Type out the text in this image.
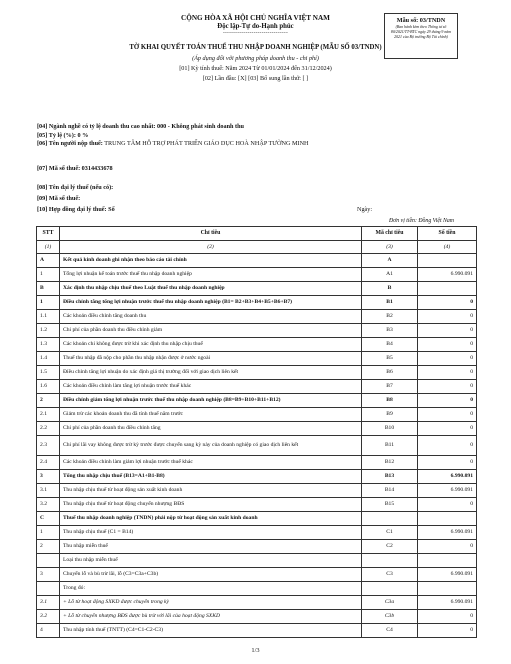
CỘNG HÒA XÃ HỘI CHỦ NGHĨA VIỆT NAM
Độc lập-Tự do-Hạnh phúc
--------------------------------
Mẫu số: 03/TNDN
(Ban hành kèm theo Thông tư số 80/2021/TT-BTC ngày 29 tháng 9 năm 2021 của Bộ trưởng Bộ Tài chính)
TỜ KHAI QUYẾT TOÁN THUẾ THU NHẬP DOANH NGHIỆP (MẪU SỐ 03/TNDN)
(Áp dụng đối với phương pháp doanh thu - chi phí)
[01] Kỳ tính thuế: Năm 2024 Từ 01/01/2024 đến 31/12/2024)
[02] Lần đầu: [X] [03] Bổ sung lần thứ: [ ]
[04] Ngành nghề có tỷ lệ doanh thu cao nhất: 000 - Không phát sinh doanh thu
[05] Tỷ lệ (%): 0 %
[06] Tên người nộp thuế: TRUNG TÂM HỖ TRỢ PHÁT TRIỂN GIÁO DỤC HOÀ NHẬP TƯỜNG MINH
[07] Mã số thuế: 0314433678
[08] Tên đại lý thuế (nếu có):
[09] Mã số thuế:
[10] Hợp đồng đại lý thuế: Số	Ngày:
Đơn vị tiền: Đồng Việt Nam
STT	Chỉ tiêu	Mã chỉ tiêu	Số tiền
(1)	(2)	(3)	(4)
A	Kết quả kinh doanh ghi nhận theo báo cáo tài chính	A	
1	Tổng lợi nhuận kế toán trước thuế thu nhập doanh nghiệp	A1	6.990.091
B	Xác định thu nhập chịu thuế theo Luật thuế thu nhập doanh nghiệp	B	
1	Điều chỉnh tăng tổng lợi nhuận trước thuế thu nhập doanh nghiệp (B1= B2+B3+B4+B5+B6+B7)	B1	0
1.1	Các khoản điều chỉnh tăng doanh thu	B2	0
1.2	Chi phí của phần doanh thu điều chỉnh giảm	B3	0
1.3	Các khoản chi không được trừ khi xác định thu nhập chịu thuế	B4	0
1.4	Thuế thu nhập đã nộp cho phần thu nhập nhận được ở nước ngoài	B5	0
1.5	Điều chỉnh tăng lợi nhuận do xác định giá thị trường đối với giao dịch liên kết	B6	0
1.6	Các khoản điều chỉnh làm tăng lợi nhuận trước thuế khác	B7	0
2	Điều chỉnh giảm tổng lợi nhuận trước thuế thu nhập doanh nghiệp (B8=B9+B10+B11+B12)	B8	0
2.1	Giảm trừ các khoản doanh thu đã tính thuế năm trước	B9	0
2.2	Chi phí của phần doanh thu điều chỉnh tăng	B10	0
2.3	Chi phí lãi vay không được trừ kỳ trước được chuyển sang kỳ này của doanh nghiệp có giao dịch liên kết	B11	0
2.4	Các khoản điều chỉnh làm giảm lợi nhuận trước thuế khác	B12	0
3	Tổng thu nhập chịu thuế (B13=A1+B1-B8)	B13	6.990.091
3.1	Thu nhập chịu thuế từ hoạt động sản xuất kinh doanh	B14	6.990.091
3.2	Thu nhập chịu thuế từ hoạt động chuyển nhượng BĐS	B15	0
C	Thuế thu nhập doanh nghiệp (TNDN) phải nộp từ hoạt động sản xuất kinh doanh		
1	Thu nhập chịu thuế (C1 = B14)	C1	6.990.091
2	Thu nhập miễn thuế	C2	0
	Loại thu nhập miễn thuế		
3	Chuyển lỗ và bù trừ lãi, lỗ (C3=C3a+C3b)	C3	6.990.091
	Trong đó:		
3.1	+ Lỗ từ hoạt động SXKD được chuyển trong kỳ	C3a	6.990.091
3.2	+ Lỗ từ chuyển nhượng BĐS được bù trừ với lãi của hoạt động SXKD	C3b	0
4	Thu nhập tính thuế (TNTT) (C4=C1-C2-C3)	C4	0
1/3
